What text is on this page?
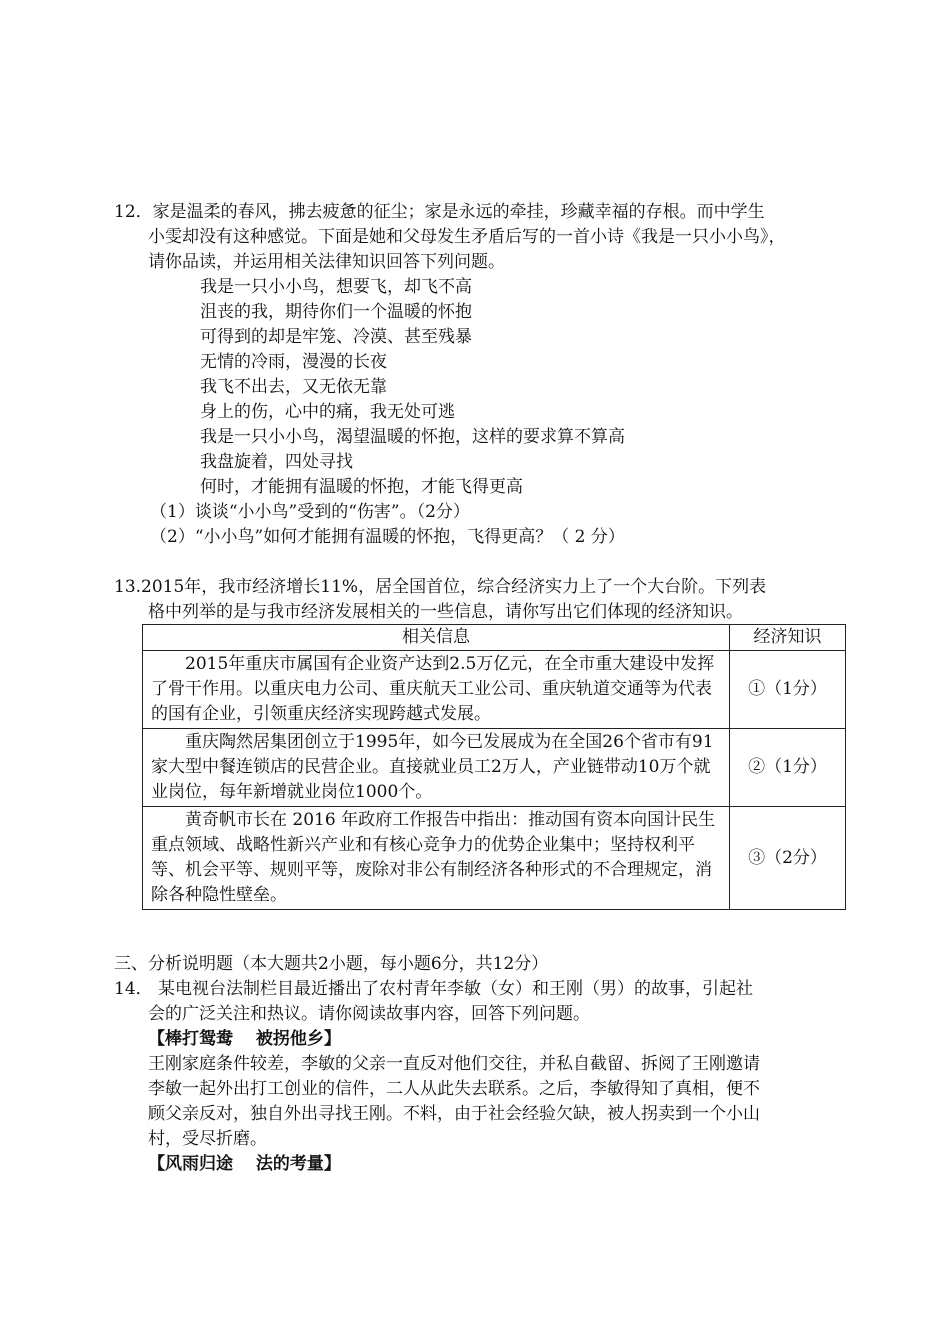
12．家是温柔的春风，拂去疲惫的征尘；家是永远的牵挂，珍藏幸福的存根。而中学生
小雯却没有这种感觉。下面是她和父母发生矛盾后写的一首小诗《我是一只小小鸟》，
请你品读，并运用相关法律知识回答下列问题。
我是一只小小鸟，想要飞，却飞不高
沮丧的我，期待你们一个温暖的怀抱
可得到的却是牢笼、冷漠、甚至残暴
无情的冷雨，漫漫的长夜
我飞不出去，又无依无靠
身上的伤，心中的痛，我无处可逃
我是一只小小鸟，渴望温暖的怀抱，这样的要求算不算高
我盘旋着，四处寻找
何时，才能拥有温暖的怀抱，才能飞得更高
（1）谈谈“小小鸟”受到的“伤害”。（2分）
（2）“小小鸟”如何才能拥有温暖的怀抱，飞得更高？（ 2 分）
13.2015年，我市经济增长11%，居全国首位，综合经济实力上了一个大台阶。下列表
格中列举的是与我市经济发展相关的一些信息，请你写出它们体现的经济知识。
相关信息	经济知识
2015年重庆市属国有企业资产达到2.5万亿元，在全市重大建设中发挥了骨干作用。以重庆电力公司、重庆航天工业公司、重庆轨道交通等为代表的国有企业，引领重庆经济实现跨越式发展。	①（1分）
重庆陶然居集团创立于1995年，如今已发展成为在全国26个省市有91家大型中餐连锁店的民营企业。直接就业员工2万人，产业链带动10万个就业岗位，每年新增就业岗位1000个。	②（1分）
黄奇帆市长在 2016 年政府工作报告中指出：推动国有资本向国计民生重点领域、战略性新兴产业和有核心竞争力的优势企业集中；坚持权利平等、机会平等、规则平等，废除对非公有制经济各种形式的不合理规定，消除各种隐性壁垒。	③（2分）
三、分析说明题（本大题共2小题，每小题6分，共12分）
14． 某电视台法制栏目最近播出了农村青年李敏（女）和王刚（男）的故事，引起社
会的广泛关注和热议。请你阅读故事内容，回答下列问题。
【棒打鸳鸯　 被拐他乡】
王刚家庭条件较差，李敏的父亲一直反对他们交往，并私自截留、拆阅了王刚邀请
李敏一起外出打工创业的信件，二人从此失去联系。之后，李敏得知了真相，便不
顾父亲反对，独自外出寻找王刚。不料，由于社会经验欠缺，被人拐卖到一个小山
村，受尽折磨。
【风雨归途　 法的考量】
